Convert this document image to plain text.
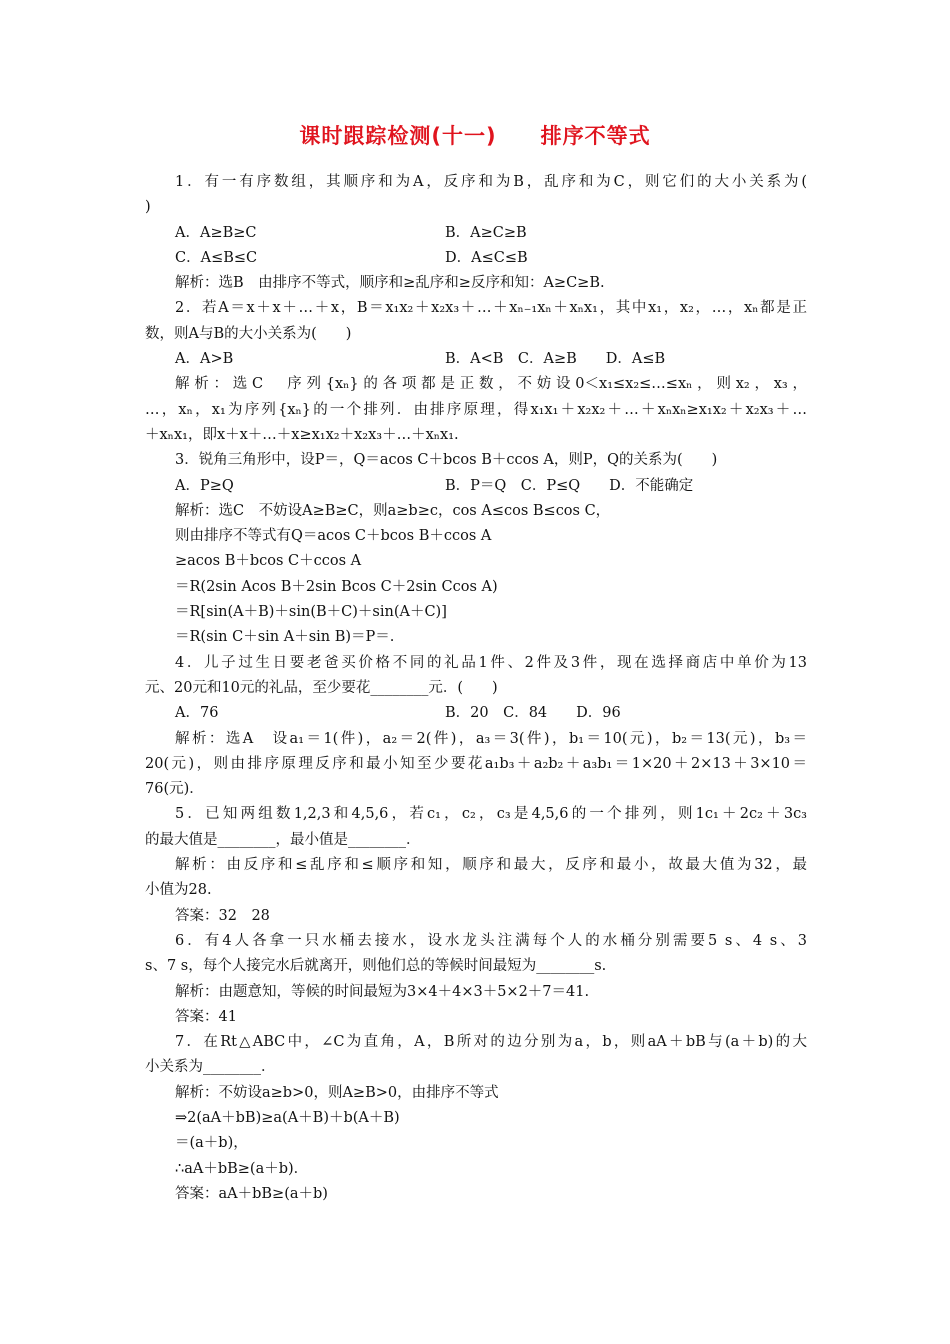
课时跟踪检测(十一)　　排序不等式
1．有一有序数组，其顺序和为A，反序和为B，乱序和为C，则它们的大小关系为(
)
A．A≥B≥C	B．A≥C≥B
C．A≤B≤C	D．A≤C≤B
解析：选B　由排序不等式，顺序和≥乱序和≥反序和知：A≥C≥B.
2．若A＝x＋x＋…＋x，B＝x₁x₂＋x₂x₃＋…＋xₙ₋₁xₙ＋xₙx₁，其中x₁，x₂，…，xₙ都是正
数，则A与B的大小关系为(　　)
A．A>B	B．A<B　C．A≥B　　D．A≤B
解析：选C　序列{xₙ}的各项都是正数，不妨设0＜x₁≤x₂≤…≤xₙ，则x₂，x₃，
…，xₙ，x₁为序列{xₙ}的一个排列．由排序原理，得x₁x₁＋x₂x₂＋…＋xₙxₙ≥x₁x₂＋x₂x₃＋…
＋xₙx₁，即x＋x＋…＋x≥x₁x₂＋x₂x₃＋…＋xₙx₁.
3．锐角三角形中，设P＝，Q＝acos C＋bcos B＋ccos A，则P，Q的关系为(　　)
A．P≥Q	B．P＝Q　C．P≤Q　　D．不能确定
解析：选C　不妨设A≥B≥C，则a≥b≥c，cos A≤cos B≤cos C，
则由排序不等式有Q＝acos C＋bcos B＋ccos A
≥acos B＋bcos C＋ccos A
＝R(2sin Acos B＋2sin Bcos C＋2sin Ccos A)
＝R[sin(A＋B)＋sin(B＋C)＋sin(A＋C)]
＝R(sin C＋sin A＋sin B)＝P＝.
4．儿子过生日要老爸买价格不同的礼品1件、2件及3件，现在选择商店中单价为13
元、20元和10元的礼品，至少要花________元．(　　)
A．76	B．20　C．84　　D．96
解析：选A　设a₁＝1(件)，a₂＝2(件)，a₃＝3(件)，b₁＝10(元)，b₂＝13(元)，b₃＝
20(元)，则由排序原理反序和最小知至少要花a₁b₃＋a₂b₂＋a₃b₁＝1×20＋2×13＋3×10＝
76(元)．
5．已知两组数1,2,3和4,5,6，若c₁，c₂，c₃是4,5,6的一个排列，则1c₁＋2c₂＋3c₃
的最大值是________，最小值是________．
解析：由反序和≤乱序和≤顺序和知，顺序和最大，反序和最小，故最大值为32，最
小值为28.
答案：32　28
6．有4人各拿一只水桶去接水，设水龙头注满每个人的水桶分别需要5 s、4 s、3
s、7 s，每个人接完水后就离开，则他们总的等候时间最短为________s.
解析：由题意知，等候的时间最短为3×4＋4×3＋5×2＋7＝41.
答案：41
7．在Rt△ABC中，∠C为直角，A，B所对的边分别为a，b，则aA＋bB与(a＋b)的大
小关系为________．
解析：不妨设a≥b>0，则A≥B>0，由排序不等式
⇒2(aA＋bB)≥a(A＋B)＋b(A＋B)
＝(a＋b)，
∴aA＋bB≥(a＋b)．
答案：aA＋bB≥(a＋b)
